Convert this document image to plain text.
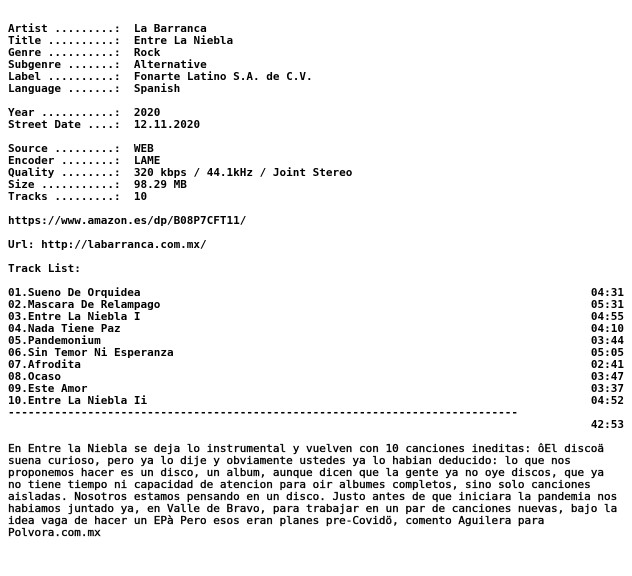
Artist .........: La Barranca
Title ..........: Entre La Niebla
Genre ..........: Rock
Subgenre .......: Alternative
Label ..........: Fonarte Latino S.A. de C.V.
Language .......: Spanish
Year ...........: 2020
Street Date ....: 12.11.2020
Source .........: WEB
Encoder ........: LAME
Quality ........: 320 kbps / 44.1kHz / Joint Stereo
Size ...........: 98.29 MB
Tracks .........: 10
https://www.amazon.es/dp/B08P7CFT11/
Url: http://labarranca.com.mx/
Track List:
01.Sueno De Orquidea	04:31
02.Mascara De Relampago	05:31
03.Entre La Niebla I	04:55
04.Nada Tiene Paz	04:10
05.Pandemonium	03:44
06.Sin Temor Ni Esperanza	05:05
07.Afrodita	02:41
08.Ocaso	03:47
09.Este Amor	03:37
10.Entre La Niebla Ii	04:52
-----------------------------------------------------------------------------
42:53
En Entre la Niebla se deja lo instrumental y vuelven con 10 canciones ineditas: ôEl discoä suena curioso, pero ya lo dije y obviamente ustedes ya lo habian deducido: lo que nos proponemos hacer es un disco, un album, aunque dicen que la gente ya no oye discos, que ya no tiene tiempo ni capacidad de atencion para oir albumes completos, sino solo canciones aisladas. Nosotros estamos pensando en un disco. Justo antes de que iniciara la pandemia nos habiamos juntado ya, en Valle de Bravo, para trabajar en un par de canciones nuevas, bajo la idea vaga de hacer un EPà Pero esos eran planes pre-Covidö, comento Aguilera para Polvora.com.mx
